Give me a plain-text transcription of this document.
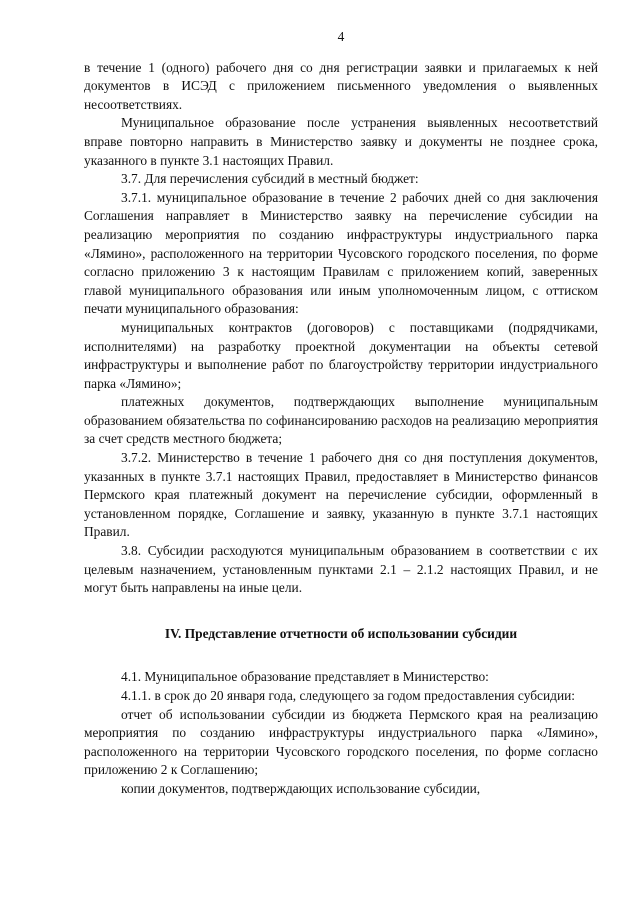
4

в течение 1 (одного) рабочего дня со дня регистрации заявки и прилагаемых к ней документов в ИСЭД с приложением письменного уведомления о выявленных несоответствиях.

Муниципальное образование после устранения выявленных несоответствий вправе повторно направить в Министерство заявку и документы не позднее срока, указанного в пункте 3.1 настоящих Правил.

3.7. Для перечисления субсидий в местный бюджет:

3.7.1. муниципальное образование в течение 2 рабочих дней со дня заключения Соглашения направляет в Министерство заявку на перечисление субсидии на реализацию мероприятия по созданию инфраструктуры индустриального парка «Лямино», расположенного на территории Чусовского городского поселения, по форме согласно приложению 3 к настоящим Правилам с приложением копий, заверенных главой муниципального образования или иным уполномоченным лицом, с оттиском печати муниципального образования:

муниципальных контрактов (договоров) с поставщиками (подрядчиками, исполнителями) на разработку проектной документации на объекты сетевой инфраструктуры и выполнение работ по благоустройству территории индустриального парка «Лямино»;

платежных документов, подтверждающих выполнение муниципальным образованием обязательства по софинансированию расходов на реализацию мероприятия за счет средств местного бюджета;

3.7.2. Министерство в течение 1 рабочего дня со дня поступления документов, указанных в пункте 3.7.1 настоящих Правил, предоставляет в Министерство финансов Пермского края платежный документ на перечисление субсидии, оформленный в установленном порядке, Соглашение и заявку, указанную в пункте 3.7.1 настоящих Правил.

3.8. Субсидии расходуются муниципальным образованием в соответствии с их целевым назначением, установленным пунктами 2.1 – 2.1.2 настоящих Правил, и не могут быть направлены на иные цели.

IV. Представление отчетности об использовании субсидии

4.1. Муниципальное образование представляет в Министерство:

4.1.1. в срок до 20 января года, следующего за годом предоставления субсидии:

отчет об использовании субсидии из бюджета Пермского края на реализацию мероприятия по созданию инфраструктуры индустриального парка «Лямино», расположенного на территории Чусовского городского поселения, по форме согласно приложению 2 к Соглашению;

копии документов, подтверждающих использование субсидии,
